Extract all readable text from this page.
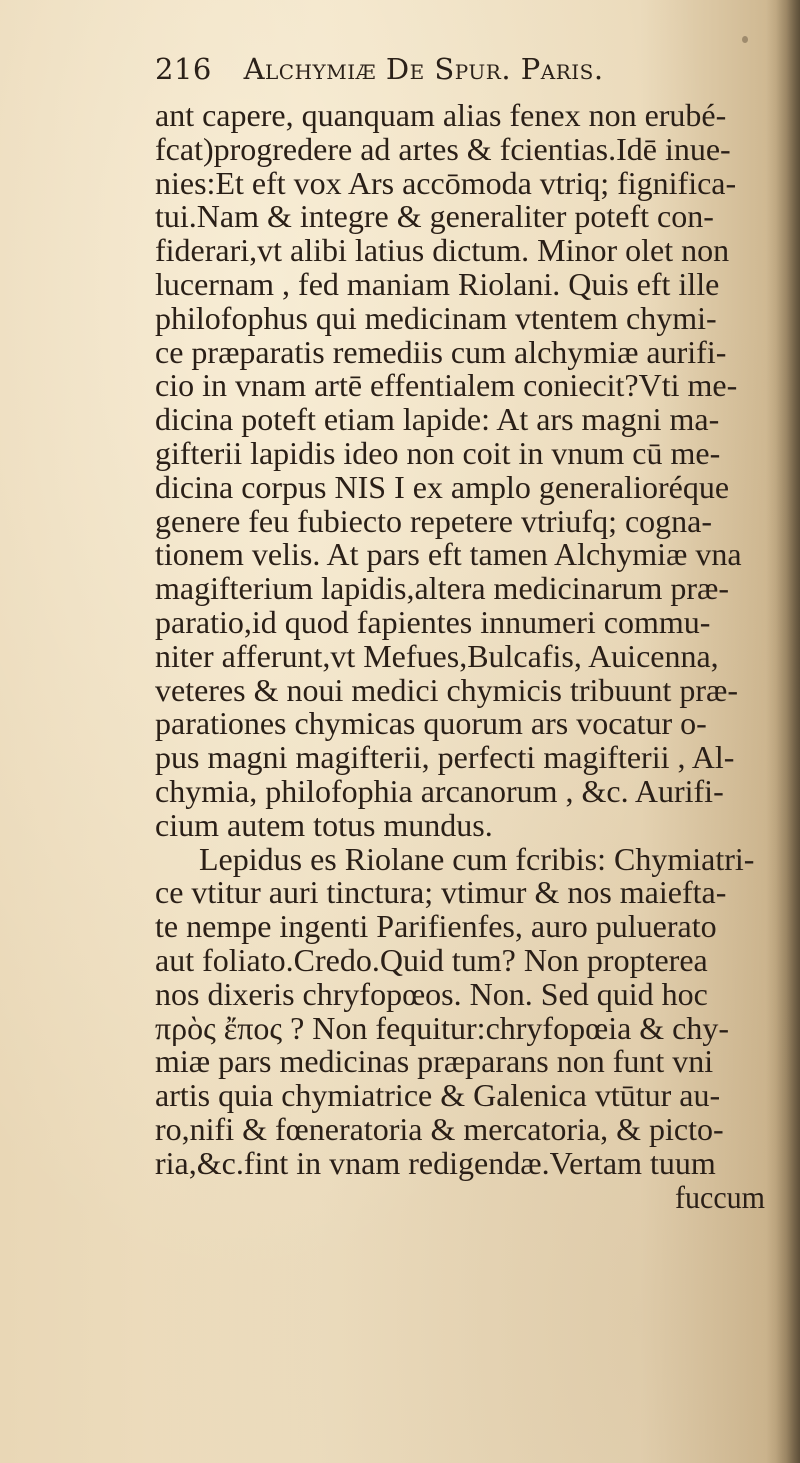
216 Alchymiæ De Spur. Paris.
ant capere, quanquam alias fenex non erubé-
fcat)progredere ad artes & fcientias.Idē inue-
nies:Et eft vox Ars accōmoda vtriq; fignifica-
tui.Nam & integre & generaliter poteft con-
fiderari,vt alibi latius dictum. Minor olet non
lucernam , fed maniam Riolani. Quis eft ille
philofophus qui medicinam vtentem chymi-
ce præparatis remediis cum alchymiæ aurifi-
cio in vnam artē effentialem coniecit?Vti me-
dicina poteft etiam lapide: At ars magni ma-
gifterii lapidis ideo non coit in vnum cū me-
dicina corpus NIS I ex amplo generalioréque
genere feu fubiecto repetere vtriufq; cogna-
tionem velis. At pars eft tamen Alchymiæ vna
magifterium lapidis,altera medicinarum præ-
paratio,id quod fapientes innumeri commu-
niter afferunt,vt Mefues,Bulcafis, Auicenna,
veteres & noui medici chymicis tribuunt præ-
parationes chymicas quorum ars vocatur o-
pus magni magifterii, perfecti magifterii , Al-
chymia, philofophia arcanorum , &c. Aurifi-
cium autem totus mundus.
Lepidus es Riolane cum fcribis: Chymiatri-
ce vtitur auri tinctura; vtimur & nos maiefta-
te nempe ingenti Parifienfes, auro puluerato
aut foliato.Credo.Quid tum? Non propterea
nos dixeris chryfopœos. Non. Sed quid hoc
πρὸς ἔπος ? Non fequitur:chryfopœia & chy-
miæ pars medicinas præparans non funt vni
artis quia chymiatrice & Galenica vtūtur au-
ro,nifi & fœneratoria & mercatoria, & picto-
ria,&c.fint in vnam redigendæ.Vertam tuum
fuccum
